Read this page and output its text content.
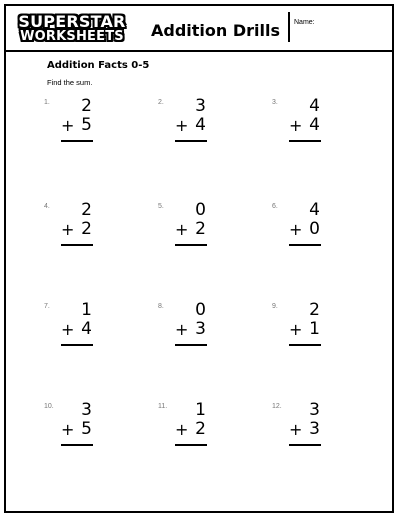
SUPERSTAR
WORKSHEETS	Addition Drills Name:
Addition Facts 0-5
Find the sum.
1. 2
+ 5
2. 3
+ 4
3. 4
+ 4
4. 2
+ 2
5. 0
+ 2
6. 4
+ 0
7. 1
+ 4
8. 0
+ 3
9. 2
+ 1
10. 3
+ 5
11. 1
+ 2
12. 3
+ 3
